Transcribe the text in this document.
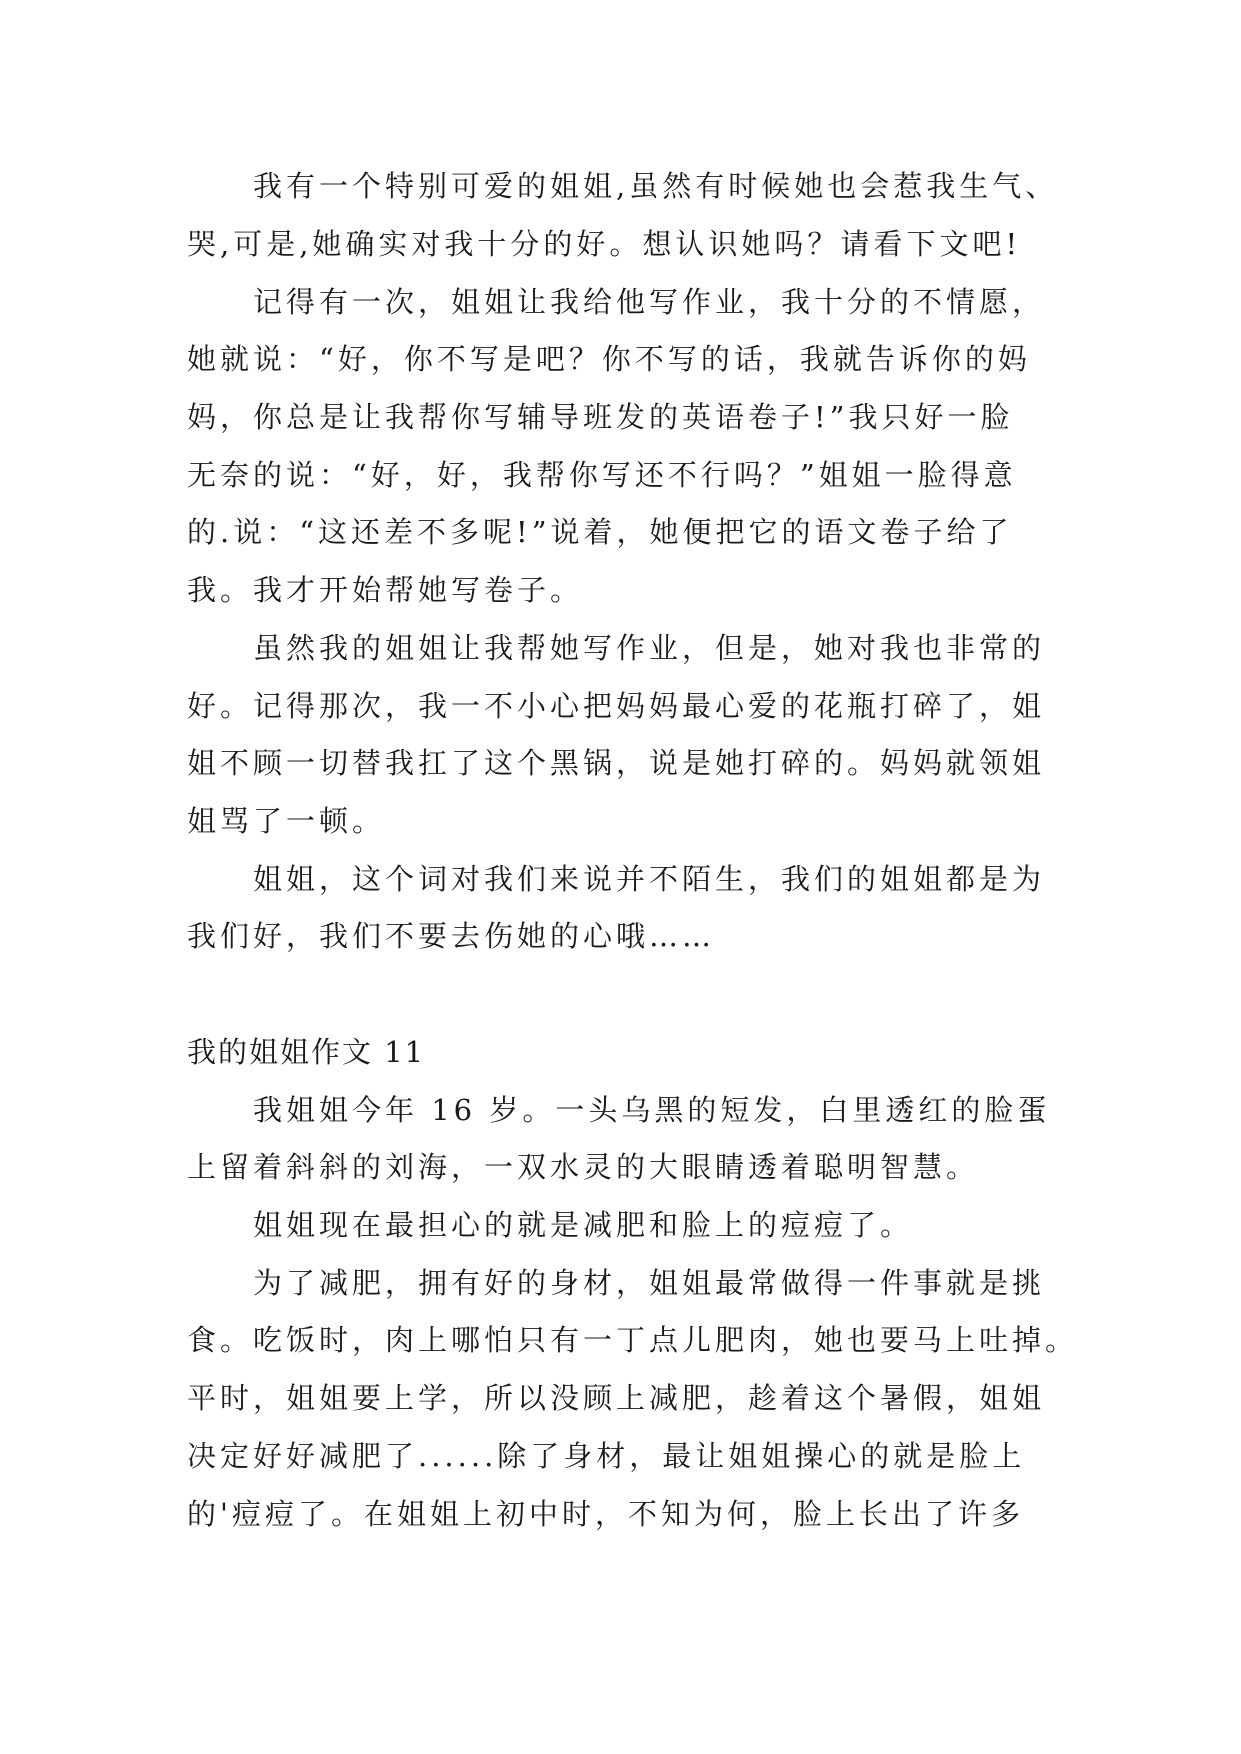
我有一个特别可爱的姐姐,虽然有时候她也会惹我生气、
哭,可是,她确实对我十分的好。想认识她吗？请看下文吧!
记得有一次，姐姐让我给他写作业，我十分的不情愿，
她就说：“好，你不写是吧？你不写的话，我就告诉你的妈
妈，你总是让我帮你写辅导班发的英语卷子!”我只好一脸
无奈的说：“好，好，我帮你写还不行吗？”姐姐一脸得意
的.说：“这还差不多呢!”说着，她便把它的语文卷子给了
我。我才开始帮她写卷子。
虽然我的姐姐让我帮她写作业，但是，她对我也非常的
好。记得那次，我一不小心把妈妈最心爱的花瓶打碎了，姐
姐不顾一切替我扛了这个黑锅，说是她打碎的。妈妈就领姐
姐骂了一顿。
姐姐，这个词对我们来说并不陌生，我们的姐姐都是为
我们好，我们不要去伤她的心哦……
我的姐姐作文 11
我姐姐今年 16 岁。一头乌黑的短发，白里透红的脸蛋
上留着斜斜的刘海，一双水灵的大眼睛透着聪明智慧。
姐姐现在最担心的就是减肥和脸上的痘痘了。
为了减肥，拥有好的身材，姐姐最常做得一件事就是挑
食。吃饭时，肉上哪怕只有一丁点儿肥肉，她也要马上吐掉。
平时，姐姐要上学，所以没顾上减肥，趁着这个暑假，姐姐
决定好好减肥了......除了身材，最让姐姐操心的就是脸上
的'痘痘了。在姐姐上初中时，不知为何，脸上长出了许多
